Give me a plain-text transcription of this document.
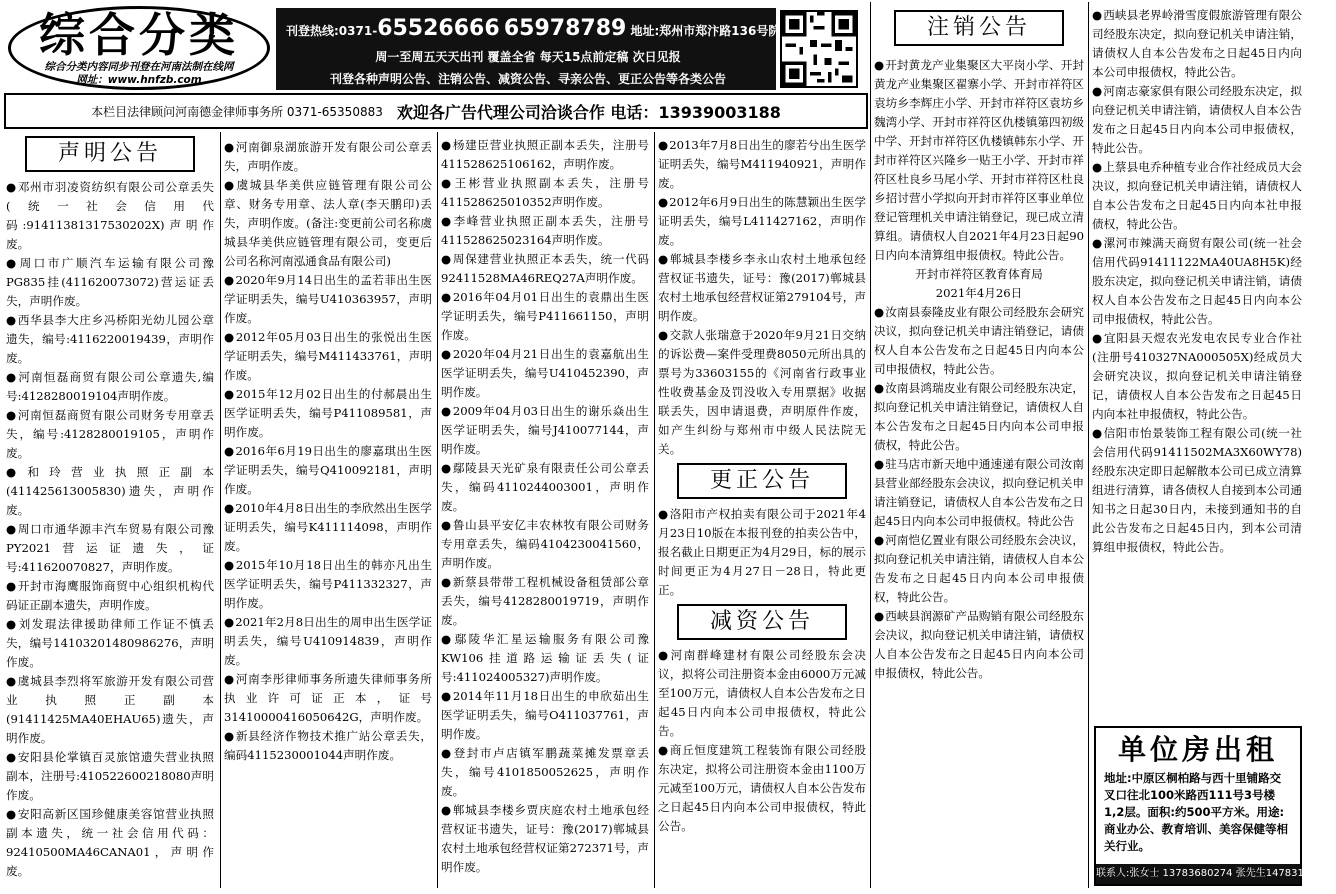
综合分类
综合分类内容同步刊登在河南法制在线网
网址：www.hnfzb.com
刊登热线:0371-65526666 65978789 地址:郑州市郑汴路136号院
周一至周五天天出刊 覆盖全省 每天15点前定稿 次日见报
刊登各种声明公告、注销公告、减资公告、寻亲公告、更正公告等各类公告
本栏目法律顾问河南德金律师事务所 0371-65350883 欢迎各广告代理公司洽谈合作 电话：13939003188
声明公告

● 邓州市羽凌资纺织有限公司公章丢失(统一社会信用代码:91411381317530202X)声明作废。

● 周口市广顺汽车运输有限公司豫PG835挂(411620073072)营运证丢失，声明作废。

● 西华县李大庄乡冯桥阳光幼儿园公章遗失，编号:4116220019439，声明作废。

● 河南恒磊商贸有限公司公章遗失,编号:4128280019104声明作废。

● 河南恒磊商贸有限公司财务专用章丢失，编号:4128280019105，声明作废。

● 和玲营业执照正副本(411425613005830)遗失，声明作废。

● 周口市通华源丰汽车贸易有限公司豫PY2021营运证遗失，证号:411620070827，声明作废。

● 开封市海鹰服饰商贸中心组织机构代码证正副本遗失，声明作废。

● 刘发琨法律援助律师工作证不慎丢失，编号14103201480986276，声明作废。

● 虞城县李烈将军旅游开发有限公司营业执照正副本(91411425MA40EHAU65)遗失，声明作废。

● 安阳县伦掌镇百灵旅馆遗失营业执照副本，注册号:410522600218080声明作废。

● 安阳高新区国珍健康美容馆营业执照副本遗失，统一社会信用代码：92410500MA46CANA01，声明作废。

● 河南御泉湖旅游开发有限公司公章丢失，声明作废。

● 虞城县华美供应链管理有限公司公章、财务专用章、法人章(李天鹏印)丢失，声明作废。(备注:变更前公司名称虞城县华美供应链管理有限公司，变更后公司名称河南泓通食品有限公司)

● 2020年9月14日出生的孟若菲出生医学证明丢失，编号U410363957，声明作废。

● 2012年05月03日出生的张悦出生医学证明丢失，编号M411433761，声明作废。

● 2015年12月02日出生的付郝晨出生医学证明丢失，编号P411089581，声明作废。

● 2016年6月19日出生的廖嘉琪出生医学证明丢失，编号Q410092181，声明作废。

● 2010年4月8日出生的李欣然出生医学证明丢失，编号K411114098，声明作废。

● 2015年10月18日出生的韩亦凡出生医学证明丢失，编号P411332327，声明作废。

● 2021年2月8日出生的周申出生医学证明丢失，编号U410914839，声明作废。

● 河南李彤律师事务所遗失律师事务所执业许可证正本，证号31410000416050642G，声明作废。

● 新县经济作物技术推广站公章丢失，编码4115230001044声明作废。

● 杨建臣营业执照正副本丢失，注册号411528625106162，声明作废。

● 王彬营业执照副本丢失，注册号411528625010352声明作废。

● 李峰营业执照正副本丢失，注册号411528625023164声明作废。

● 周保建营业执照正本丢失，统一代码92411528MA46REQ27A声明作废。

● 2016年04月01日出生的袁鼎出生医学证明丢失，编号P411661150，声明作废。

● 2020年04月21日出生的袁嘉航出生医学证明丢失，编号U410452390，声明作废。

● 2009年04月03日出生的谢乐焱出生医学证明丢失，编号J410077144，声明作废。

● 鄢陵县天光矿泉有限责任公司公章丢失，编码4110244003001，声明作废。

● 鲁山县平安亿丰农林牧有限公司财务专用章丢失，编码4104230041560，声明作废。

● 新蔡县带带工程机械设备租赁部公章丢失，编号4128280019719，声明作废。

● 鄢陵华汇星运输服务有限公司豫KW106挂道路运输证丢失(证号:411024005327)声明作废。

● 2014年11月18日出生的申欣茹出生医学证明丢失，编号O411037761，声明作废。

● 登封市卢店镇军鹏蔬菜摊发票章丢失，编号4101850052625，声明作废。

● 郸城县李楼乡贾庆庭农村土地承包经营权证书遗失，证号：豫(2017)郸城县农村土地承包经营权证第272371号，声明作废。

● 2013年7月8日出生的廖若兮出生医学证明丢失，编号M411940921，声明作废。

● 2012年6月9日出生的陈慧颖出生医学证明丢失，编号L411427162，声明作废。

● 郸城县李楼乡李永山农村土地承包经营权证书遗失，证号：豫(2017)郸城县农村土地承包经营权证第279104号，声明作废。

● 交款人张瑞意于2020年9月21日交纳的诉讼费—案件受理费8050元所出具的票号为33603155的《河南省行政事业性收费基金及罚没收入专用票据》收据联丢失，因申请退费，声明原件作废，如产生纠纷与郑州市中级人民法院无关。

更正公告

● 洛阳市产权拍卖有限公司于2021年4月23日10版在本报刊登的拍卖公告中，报名截止日期更正为4月29日，标的展示时间更正为4月27日－28日，特此更正。

减资公告

● 河南群峰建材有限公司经股东会决议，拟将公司注册资本金由6000万元减至100万元，请债权人自本公告发布之日起45日内向本公司申报债权，特此公告。

● 商丘恒度建筑工程装饰有限公司经股东决定，拟将公司注册资本金由1100万元减至100万元，请债权人自本公告发布之日起45日内向本公司申报债权，特此公告。

注销公告

● 开封黄龙产业集聚区大平岗小学、开封黄龙产业集聚区翟寨小学、开封市祥符区袁坊乡李辉庄小学、开封市祥符区袁坊乡魏湾小学、开封市祥符区仇楼镇第四初级中学、开封市祥符区仇楼镇韩东小学、开封市祥符区兴隆乡一贴王小学、开封市祥符区杜良乡马尾小学、开封市祥符区杜良乡招讨营小学拟向开封市祥符区事业单位登记管理机关申请注销登记，现已成立清算组。请债权人自2021年4月23日起90日内向本清算组申报债权。特此公告。

开封市祥符区教育体育局

2021年4月26日

● 汝南县泰隆皮业有限公司经股东会研究决议，拟向登记机关申请注销登记，请债权人自本公告发布之日起45日内向本公司申报债权，特此公告。

● 汝南县鸿瑞皮业有限公司经股东决定，拟向登记机关申请注销登记，请债权人自本公告发布之日起45日内向本公司申报债权，特此公告。

● 驻马店市新天地中通速递有限公司汝南县营业部经股东会决议，拟向登记机关申请注销登记，请债权人自本公告发布之日起45日内向本公司申报债权。特此公告

● 河南恺亿置业有限公司经股东会决议，拟向登记机关申请注销，请债权人自本公告发布之日起45日内向本公司申报债权，特此公告。

● 西峡县润源矿产品购销有限公司经股东会决议，拟向登记机关申请注销，请债权人自本公告发布之日起45日内向本公司申报债权，特此公告。

● 西峡县老界岭滑雪度假旅游管理有限公司经股东决定，拟向登记机关申请注销，请债权人自本公告发布之日起45日内向本公司申报债权，特此公告。

● 河南志豪家俱有限公司经股东决定，拟向登记机关申请注销，请债权人自本公告发布之日起45日内向本公司申报债权，特此公告。

● 上蔡县电乔种植专业合作社经成员大会决议，拟向登记机关申请注销，请债权人自本公告发布之日起45日内向本社申报债权，特此公告。

● 漯河市辣满天商贸有限公司(统一社会信用代码91411122MA40UA8H5K)经股东决定，拟向登记机关申请注销，请债权人自本公告发布之日起45日内向本公司申报债权，特此公告。

● 宜阳县天煜农光发电农民专业合作社(注册号410327NA000505X)经成员大会研究决议，拟向登记机关申请注销登记，请债权人自本公告发布之日起45日内向本社申报债权，特此公告。

● 信阳市怡景装饰工程有限公司(统一社会信用代码91411502MA3X60WY78)经股东决定即日起解散本公司已成立清算组进行清算，请各债权人自接到本公司通知书之日起30日内，未接到通知书的自此公告发布之日起45日内，到本公司清算组申报债权，特此公告。

单位房出租
地址:中原区桐柏路与西十里铺路交叉口往北100米路西111号3号楼1,2层。面积:约500平方米。用途:商业办公、教育培训、美容保健等相关行业。
联系人:张女士 13783680274 张先生14783166053
